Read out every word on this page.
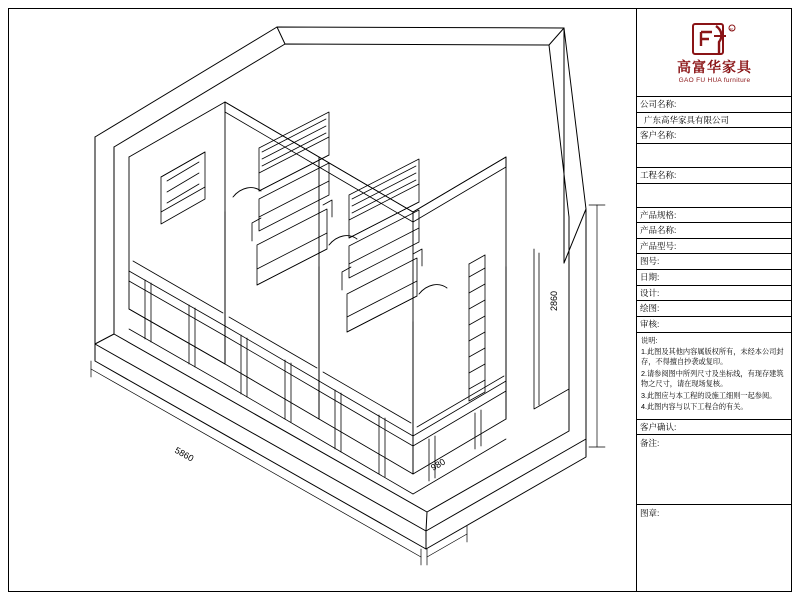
5860
980
2860
R
高富华家具
GAO FU HUA furniture
公司名称:
广东高华家具有限公司
客户名称:
工程名称:
产品规格:
产品名称:
产品型号:
图号:
日期:
设计:
绘图:
审核:
说明:

1.此图及其他内容属版权所有，未经本公司封存，不得擅自抄袭或复印。

2.请参阅图中所列尺寸及坐标线，有现存建筑物之尺寸，请在现场复核。

3.此图应与本工程的设施工细则一起参阅。

4.此图内容与以下工程合的有关。

客户确认:
备注:
图章:
